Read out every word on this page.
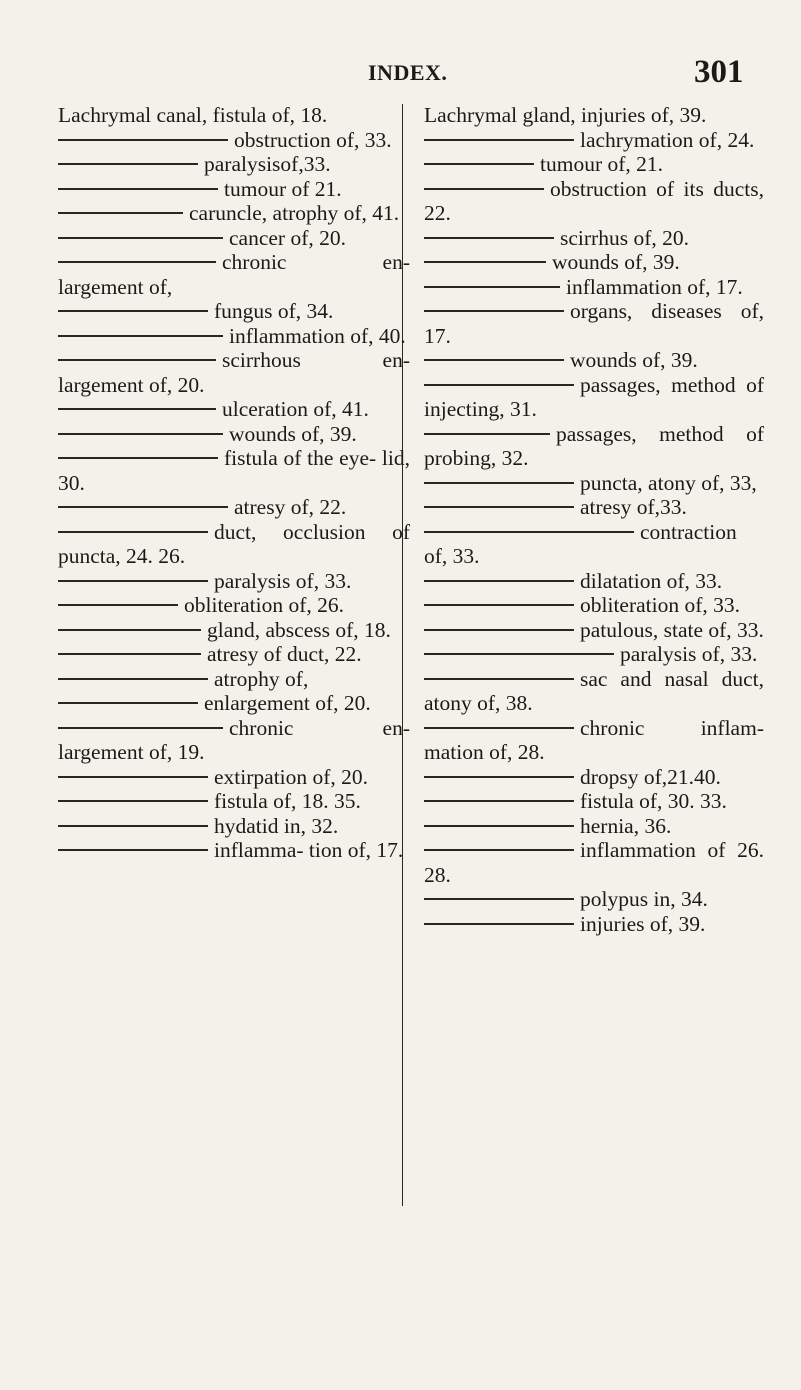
INDEX.	301
Lachrymal canal, fistula of, 18.
obstruction of, 33.
paralysisof,33.
tumour of 21.
caruncle, atrophy of, 41.
cancer of, 20.
chronic en- largement of,
fungus of, 34.
inflammation of, 40.
scirrhous en- largement of, 20.
ulceration of, 41.
wounds of, 39.
fistula of the eye- lid, 30.
atresy of, 22.
duct, occlusion of puncta, 24. 26.
paralysis of, 33.
obliteration of, 26.
gland, abscess of, 18.
atresy of duct, 22.
atrophy of,
enlargement of, 20.
chronic en- largement of, 19.
extirpation of, 20.
fistula of, 18. 35.
hydatid in, 32.
inflamma- tion of, 17.
Lachrymal gland, injuries of, 39.
lachrymation of, 24.
tumour of, 21.
obstruction of its ducts, 22.
scirrhus of, 20.
wounds of, 39.
inflammation of, 17.
organs, diseases of, 17.
wounds of, 39.
passages, method of injecting, 31.
passages, method of probing, 32.
puncta, atony of, 33,
atresy of,33.
contraction of, 33.
dilatation of, 33.
obliteration of, 33.
patulous, state of, 33.
paralysis of, 33.
sac and nasal duct, atony of, 38.
chronic inflam- mation of, 28.
dropsy of,21.40.
fistula of, 30. 33.
hernia, 36.
inflammation of 26. 28.
polypus in, 34.
injuries of, 39.
